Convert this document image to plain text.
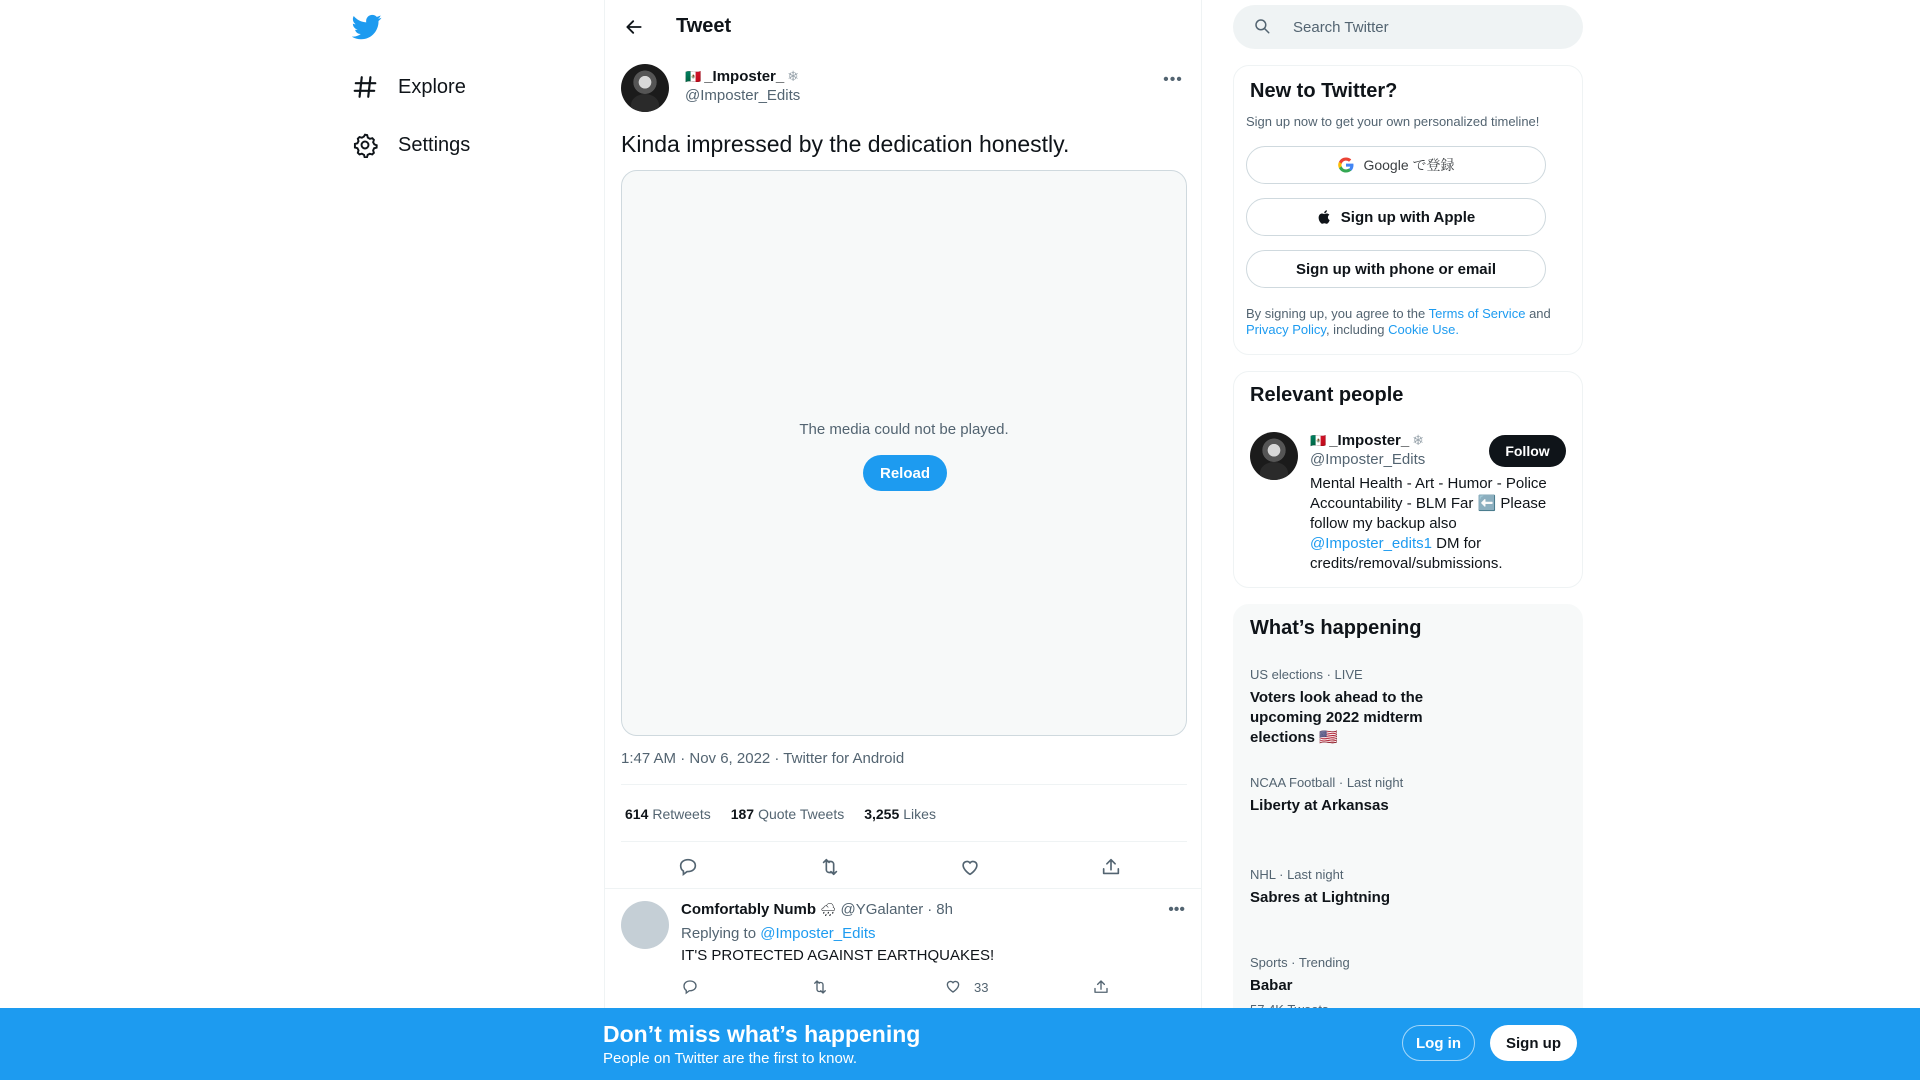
Explore
Settings
Tweet
🇲🇽 _Imposter_ ❄
@Imposter_Edits
•••
Kinda impressed by the dedication honestly.
The media could not be played.
Reload
1:47 AM · Nov 6, 2022 · Twitter for Android
614 Retweets 187 Quote Tweets 3,255 Likes
Comfortably Numb 🌧 @YGalanter · 8h	•••
Replying to @Imposter_Edits
IT'S PROTECTED AGAINST EARTHQUAKES!
33
Search Twitter
New to Twitter?
Sign up now to get your own personalized timeline!
Google で登録
Sign up with Apple
Sign up with phone or email
By signing up, you agree to the Terms of Service and Privacy Policy, including Cookie Use.
Relevant people
🇲🇽 _Imposter_ ❄
@Imposter_Edits
Mental Health - Art - Humor - Police Accountability - BLM Far ⬅️ Please follow my backup also @Imposter_edits1 DM for credits/removal/submissions.
Follow
What’s happening
US elections · LIVE
Voters look ahead to the upcoming 2022 midterm elections 🇺🇸
NCAA Football · Last night
Liberty at Arkansas
NHL · Last night
Sabres at Lightning
Sports · Trending
Babar
Don’t miss what’s happening
People on Twitter are the first to know.
Log in	Sign up
